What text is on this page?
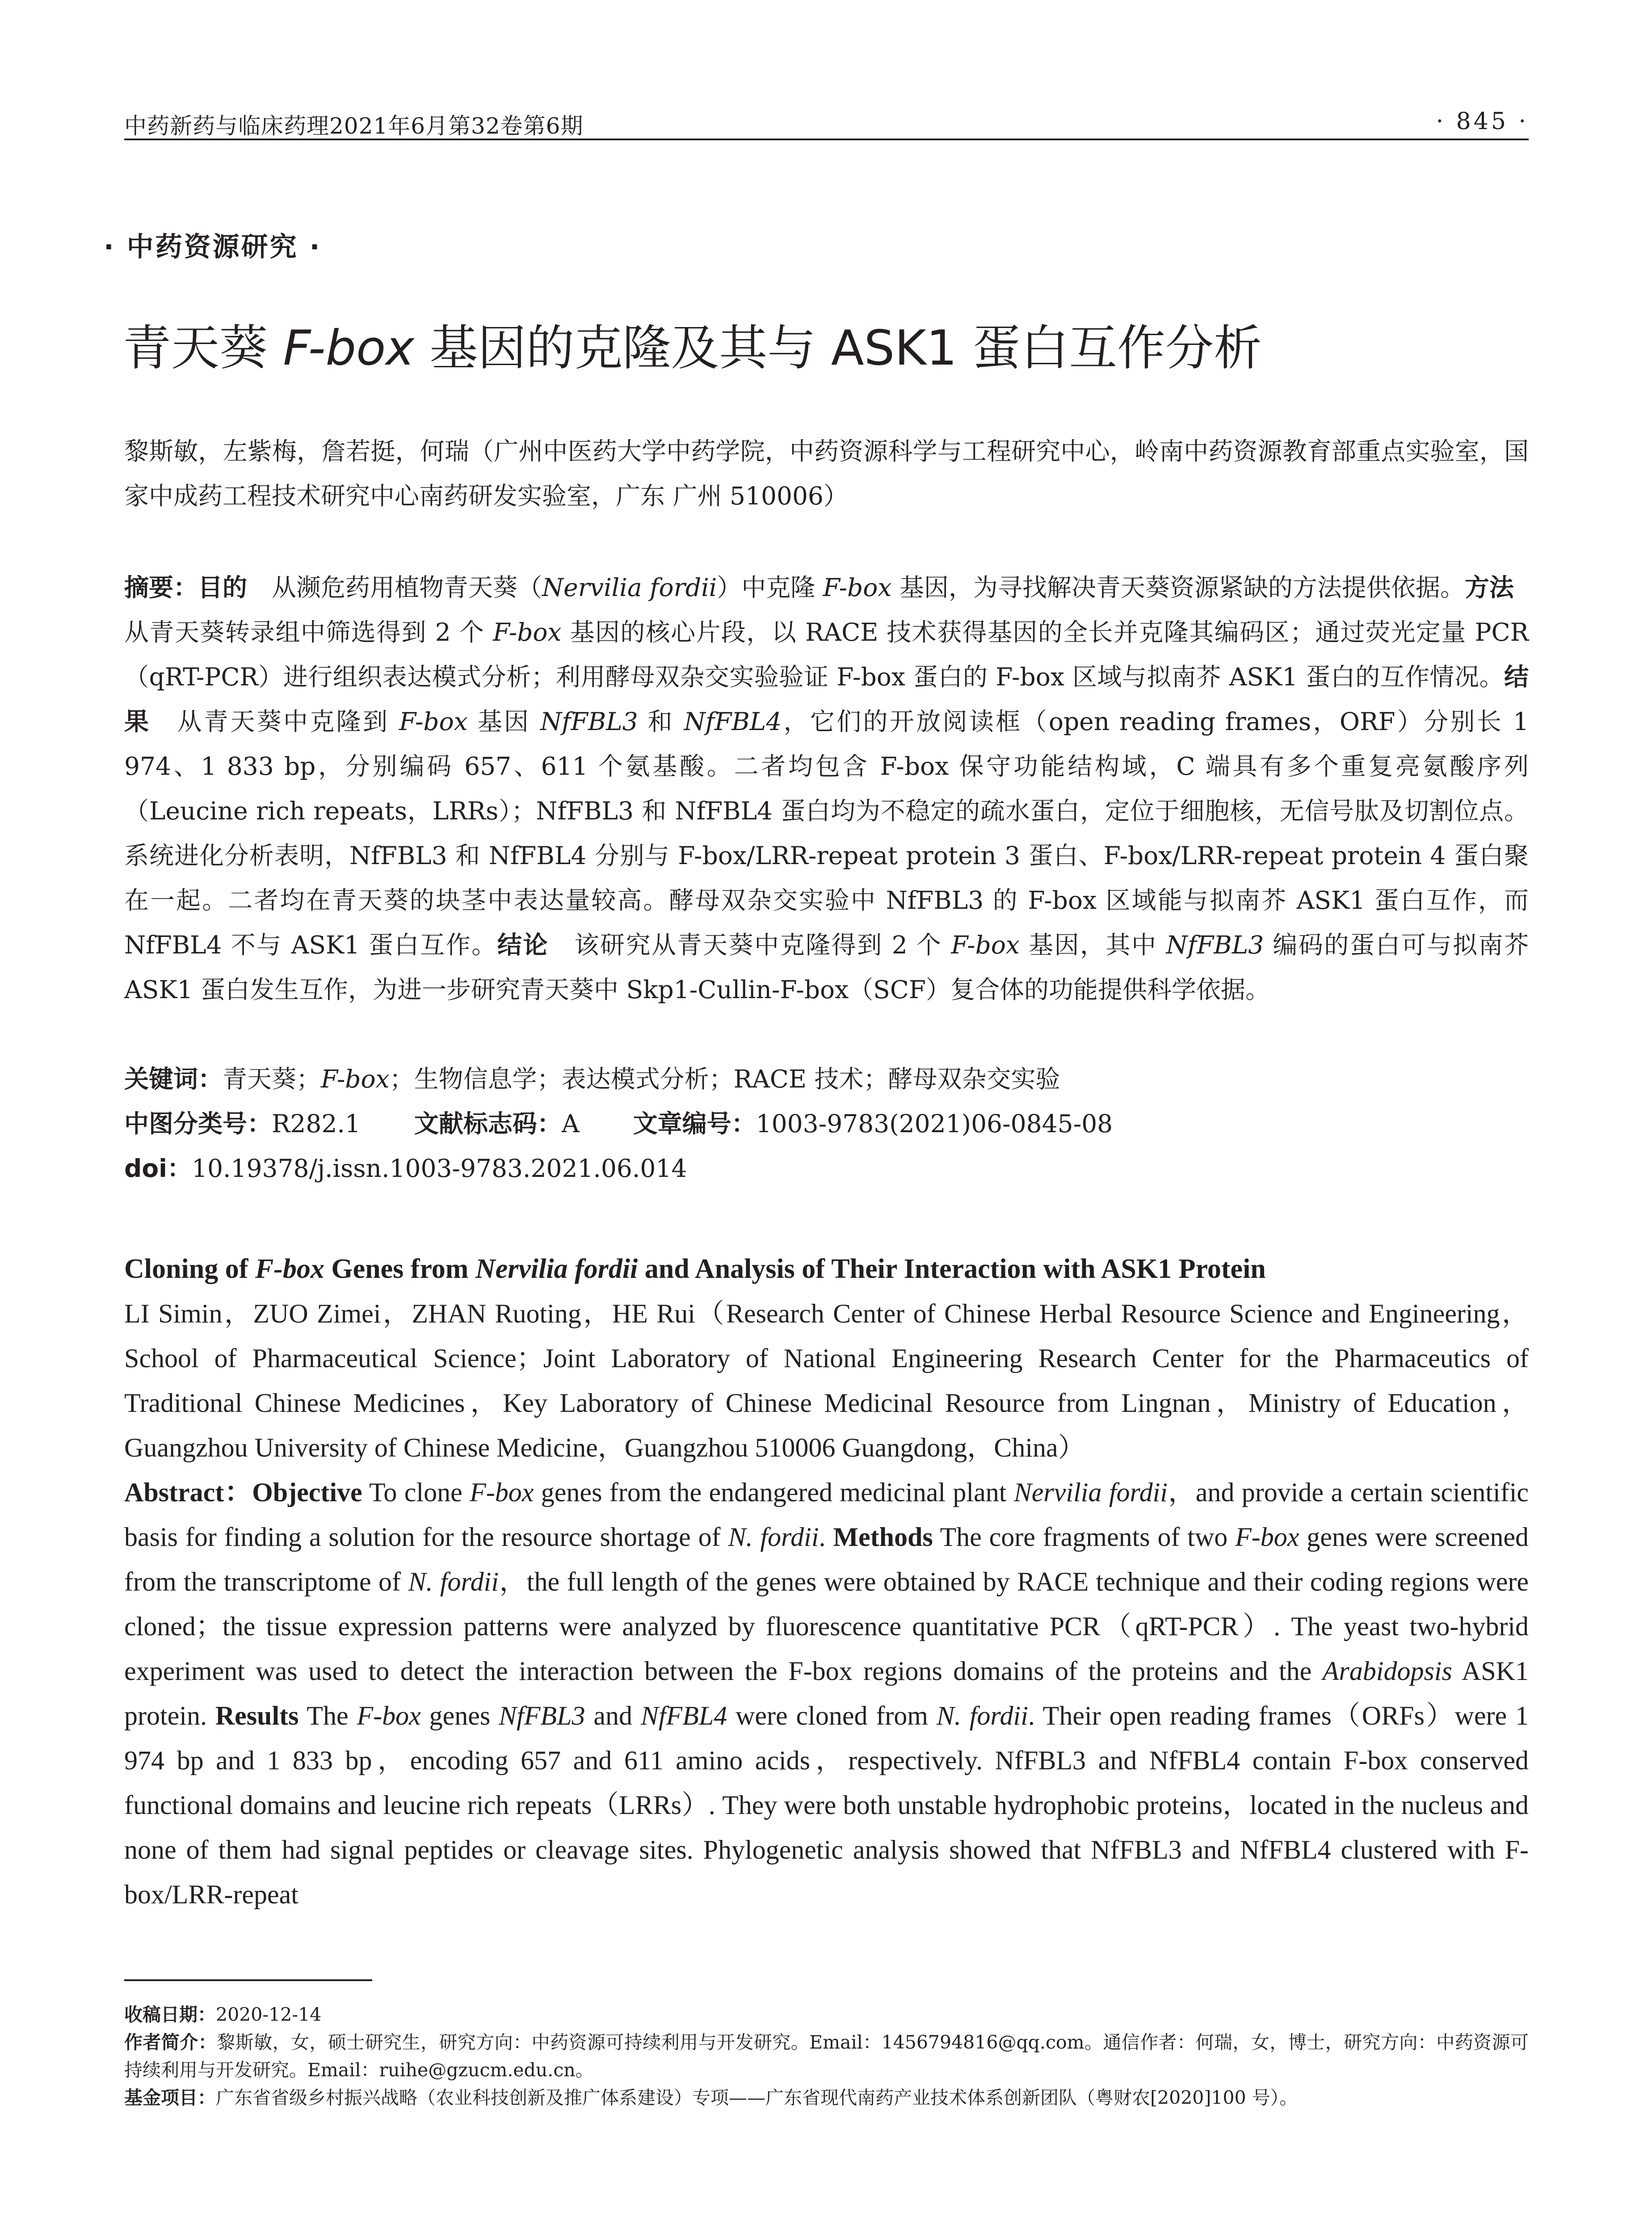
中药新药与临床药理2021年6月第32卷第6期	· 845 ·
· 中药资源研究 ·
青天葵 F-box 基因的克隆及其与 ASK1 蛋白互作分析
黎斯敏，左紫梅，詹若挺，何瑞（广州中医药大学中药学院，中药资源科学与工程研究中心，岭南中药资源教育部重点实验室，国家中成药工程技术研究中心南药研发实验室，广东 广州 510006）
摘要：目的　从濒危药用植物青天葵（Nervilia fordii）中克隆 F-box 基因，为寻找解决青天葵资源紧缺的方法提供依据。方法　从青天葵转录组中筛选得到 2 个 F-box 基因的核心片段，以 RACE 技术获得基因的全长并克隆其编码区；通过荧光定量 PCR（qRT-PCR）进行组织表达模式分析；利用酵母双杂交实验验证 F-box 蛋白的 F-box 区域与拟南芥 ASK1 蛋白的互作情况。结果　从青天葵中克隆到 F-box 基因 NfFBL3 和 NfFBL4，它们的开放阅读框（open reading frames，ORF）分别长 1 974、1 833 bp，分别编码 657、611 个氨基酸。二者均包含 F-box 保守功能结构域，C 端具有多个重复亮氨酸序列（Leucine rich repeats，LRRs）；NfFBL3 和 NfFBL4 蛋白均为不稳定的疏水蛋白，定位于细胞核，无信号肽及切割位点。系统进化分析表明，NfFBL3 和 NfFBL4 分别与 F-box/LRR-repeat protein 3 蛋白、F-box/LRR-repeat protein 4 蛋白聚在一起。二者均在青天葵的块茎中表达量较高。酵母双杂交实验中 NfFBL3 的 F-box 区域能与拟南芥 ASK1 蛋白互作，而 NfFBL4 不与 ASK1 蛋白互作。结论　该研究从青天葵中克隆得到 2 个 F-box 基因，其中 NfFBL3 编码的蛋白可与拟南芥 ASK1 蛋白发生互作，为进一步研究青天葵中 Skp1-Cullin-F-box（SCF）复合体的功能提供科学依据。
关键词：青天葵；F-box；生物信息学；表达模式分析；RACE 技术；酵母双杂交实验
中图分类号：R282.1 文献标志码：A 文章编号：1003-9783(2021)06-0845-08
doi：10.19378/j.issn.1003-9783.2021.06.014
Cloning of F-box Genes from Nervilia fordii and Analysis of Their Interaction with ASK1 Protein
LI Simin，ZUO Zimei，ZHAN Ruoting，HE Rui（Research Center of Chinese Herbal Resource Science and Engineering，School of Pharmaceutical Science；Joint Laboratory of National Engineering Research Center for the Pharmaceutics of Traditional Chinese Medicines，Key Laboratory of Chinese Medicinal Resource from Lingnan，Ministry of Education，Guangzhou University of Chinese Medicine，Guangzhou 510006 Guangdong，China）
Abstract：Objective To clone F-box genes from the endangered medicinal plant Nervilia fordii，and provide a certain scientific basis for finding a solution for the resource shortage of N. fordii. Methods The core fragments of two F-box genes were screened from the transcriptome of N. fordii，the full length of the genes were obtained by RACE technique and their coding regions were cloned；the tissue expression patterns were analyzed by fluorescence quantitative PCR（qRT-PCR）. The yeast two-hybrid experiment was used to detect the interaction between the F-box regions domains of the proteins and the Arabidopsis ASK1 protein. Results The F-box genes NfFBL3 and NfFBL4 were cloned from N. fordii. Their open reading frames（ORFs）were 1 974 bp and 1 833 bp，encoding 657 and 611 amino acids，respectively. NfFBL3 and NfFBL4 contain F-box conserved functional domains and leucine rich repeats（LRRs）. They were both unstable hydrophobic proteins，located in the nucleus and none of them had signal peptides or cleavage sites. Phylogenetic analysis showed that NfFBL3 and NfFBL4 clustered with F-box/LRR-repeat

收稿日期：2020-12-14

作者简介：黎斯敏，女，硕士研究生，研究方向：中药资源可持续利用与开发研究。Email：1456794816@qq.com。通信作者：何瑞，女，博士，研究方向：中药资源可持续利用与开发研究。Email：ruihe@gzucm.edu.cn。

基金项目：广东省省级乡村振兴战略（农业科技创新及推广体系建设）专项——广东省现代南药产业技术体系创新团队（粤财农[2020]100 号）。
